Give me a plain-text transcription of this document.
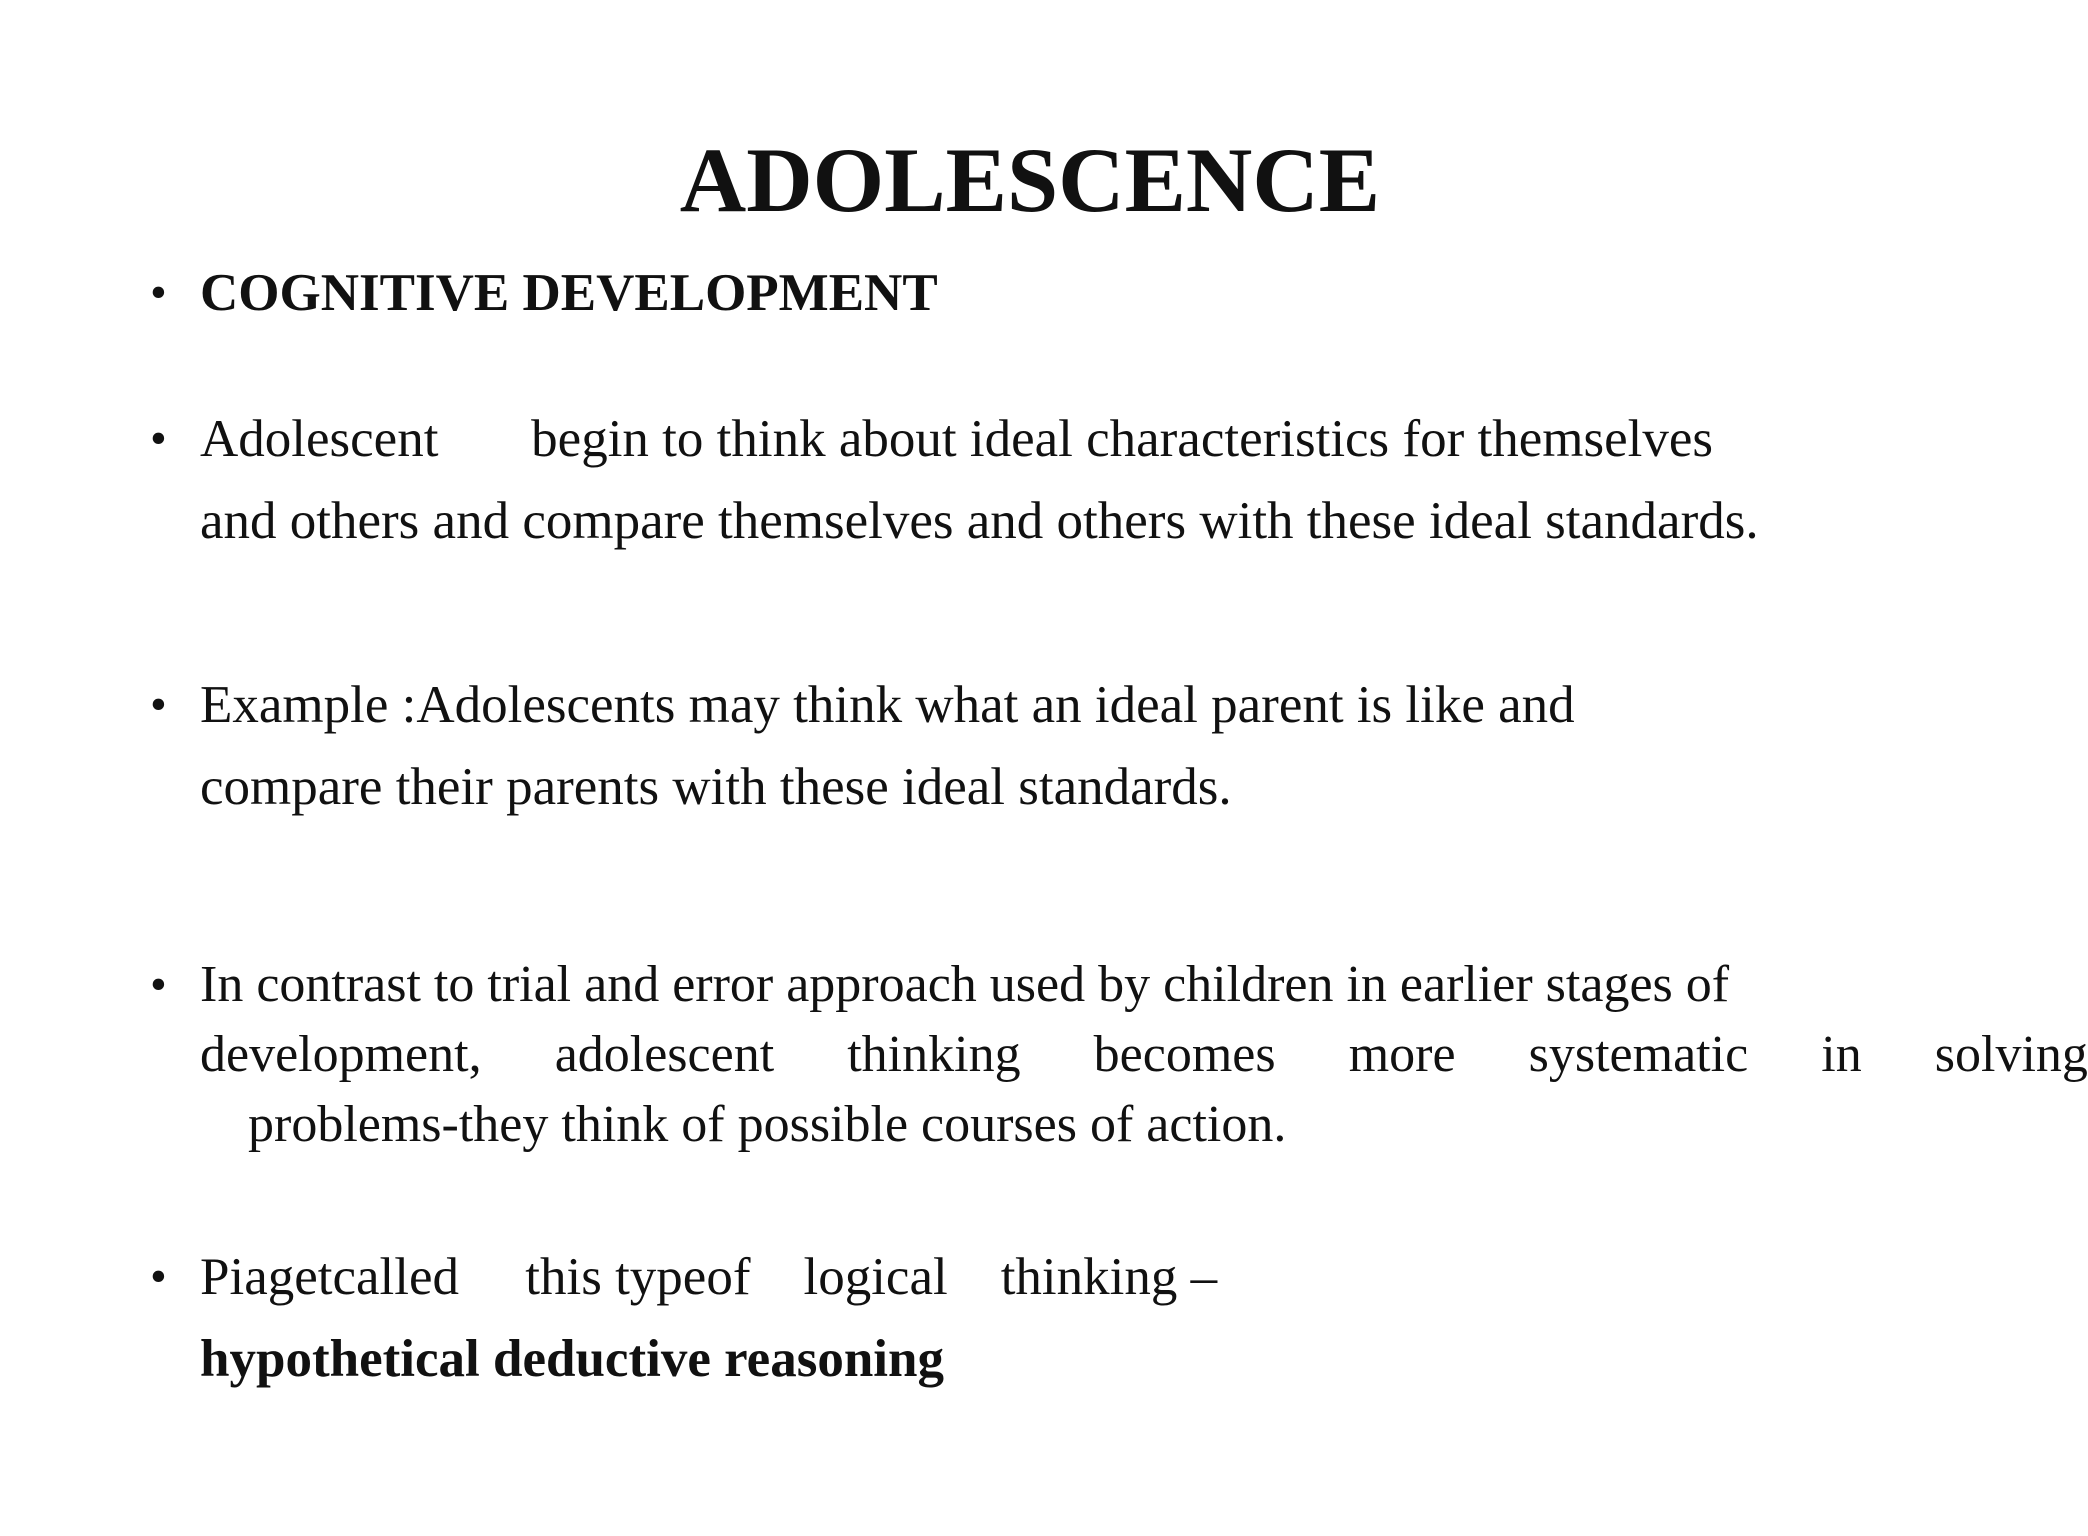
ADOLESCENCE
• COGNITIVE DEVELOPMENT
• Adolescent       begin to think about ideal characteristics for themselves
and others and compare themselves and others with these ideal standards.
• Example :Adolescents may think what an ideal parent is like and
compare their parents with these ideal standards.
• In contrast to trial and error approach used by children in earlier stages of
development, adolescent thinking becomes more systematic in solving
problems-they think of possible courses of action.
• Piagetcalled     this typeof    logical    thinking –
hypothetical deductive reasoning
